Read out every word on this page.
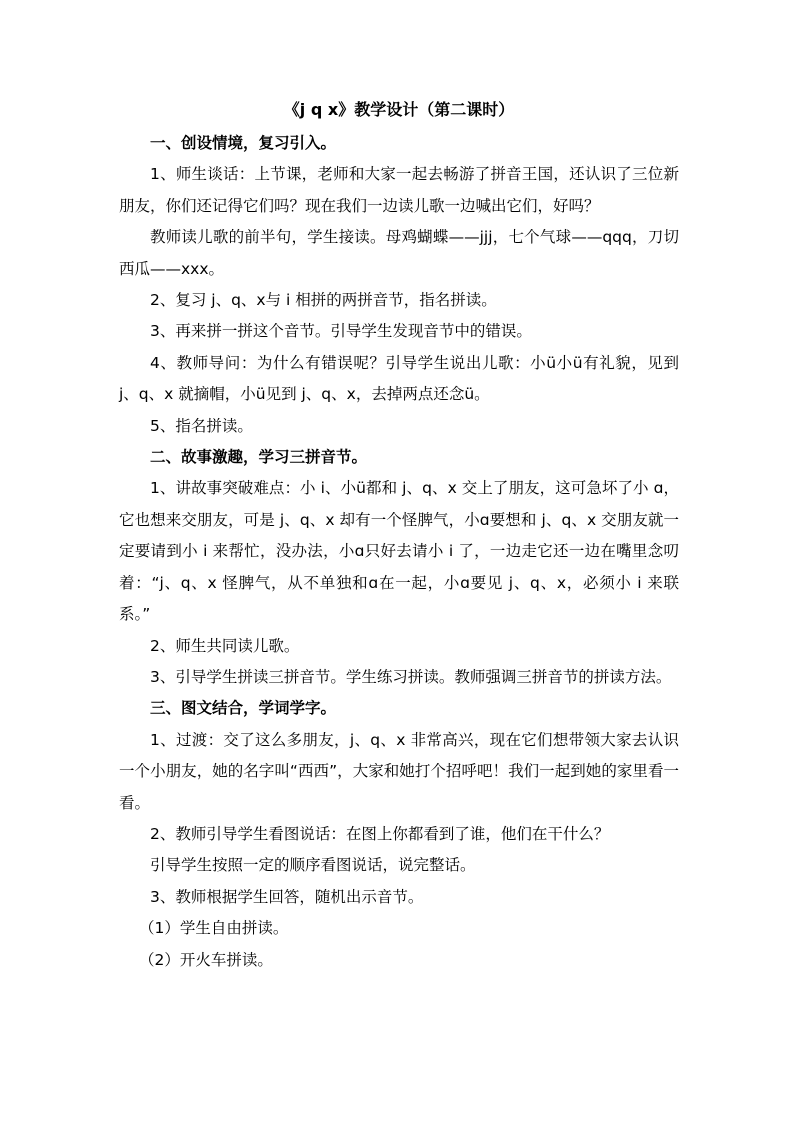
《j q x》教学设计（第二课时）

一、创设情境，复习引入。

1、师生谈话：上节课，老师和大家一起去畅游了拼音王国，还认识了三位新朋友，你们还记得它们吗？现在我们一边读儿歌一边喊出它们，好吗？

教师读儿歌的前半句，学生接读。母鸡蝴蝶——jjj，七个气球——qqq，刀切西瓜——xxx。

2、复习 j、q、x与 i 相拼的两拼音节，指名拼读。

3、再来拼一拼这个音节。引导学生发现音节中的错误。

4、教师导问：为什么有错误呢？引导学生说出儿歌：小ü小ü有礼貌，见到 j、q、x 就摘帽，小ü见到 j、q、x，去掉两点还念ü。

5、指名拼读。

二、故事激趣，学习三拼音节。

1、讲故事突破难点：小 i、小ü都和 j、q、x 交上了朋友，这可急坏了小 ɑ，它也想来交朋友，可是 j、q、x 却有一个怪脾气，小ɑ要想和 j、q、x 交朋友就一定要请到小 i 来帮忙，没办法，小ɑ只好去请小 i 了，一边走它还一边在嘴里念叨着：“j、q、x 怪脾气，从不单独和ɑ在一起，小ɑ要见 j、q、x，必须小 i 来联系。”

2、师生共同读儿歌。

3、引导学生拼读三拼音节。学生练习拼读。教师强调三拼音节的拼读方法。

三、图文结合，学词学字。

1、过渡：交了这么多朋友，j、q、x 非常高兴，现在它们想带领大家去认识一个小朋友，她的名字叫“西西”，大家和她打个招呼吧！我们一起到她的家里看一看。

2、教师引导学生看图说话：在图上你都看到了谁，他们在干什么？

引导学生按照一定的顺序看图说话，说完整话。

3、教师根据学生回答，随机出示音节。

（1）学生自由拼读。

（2）开火车拼读。
